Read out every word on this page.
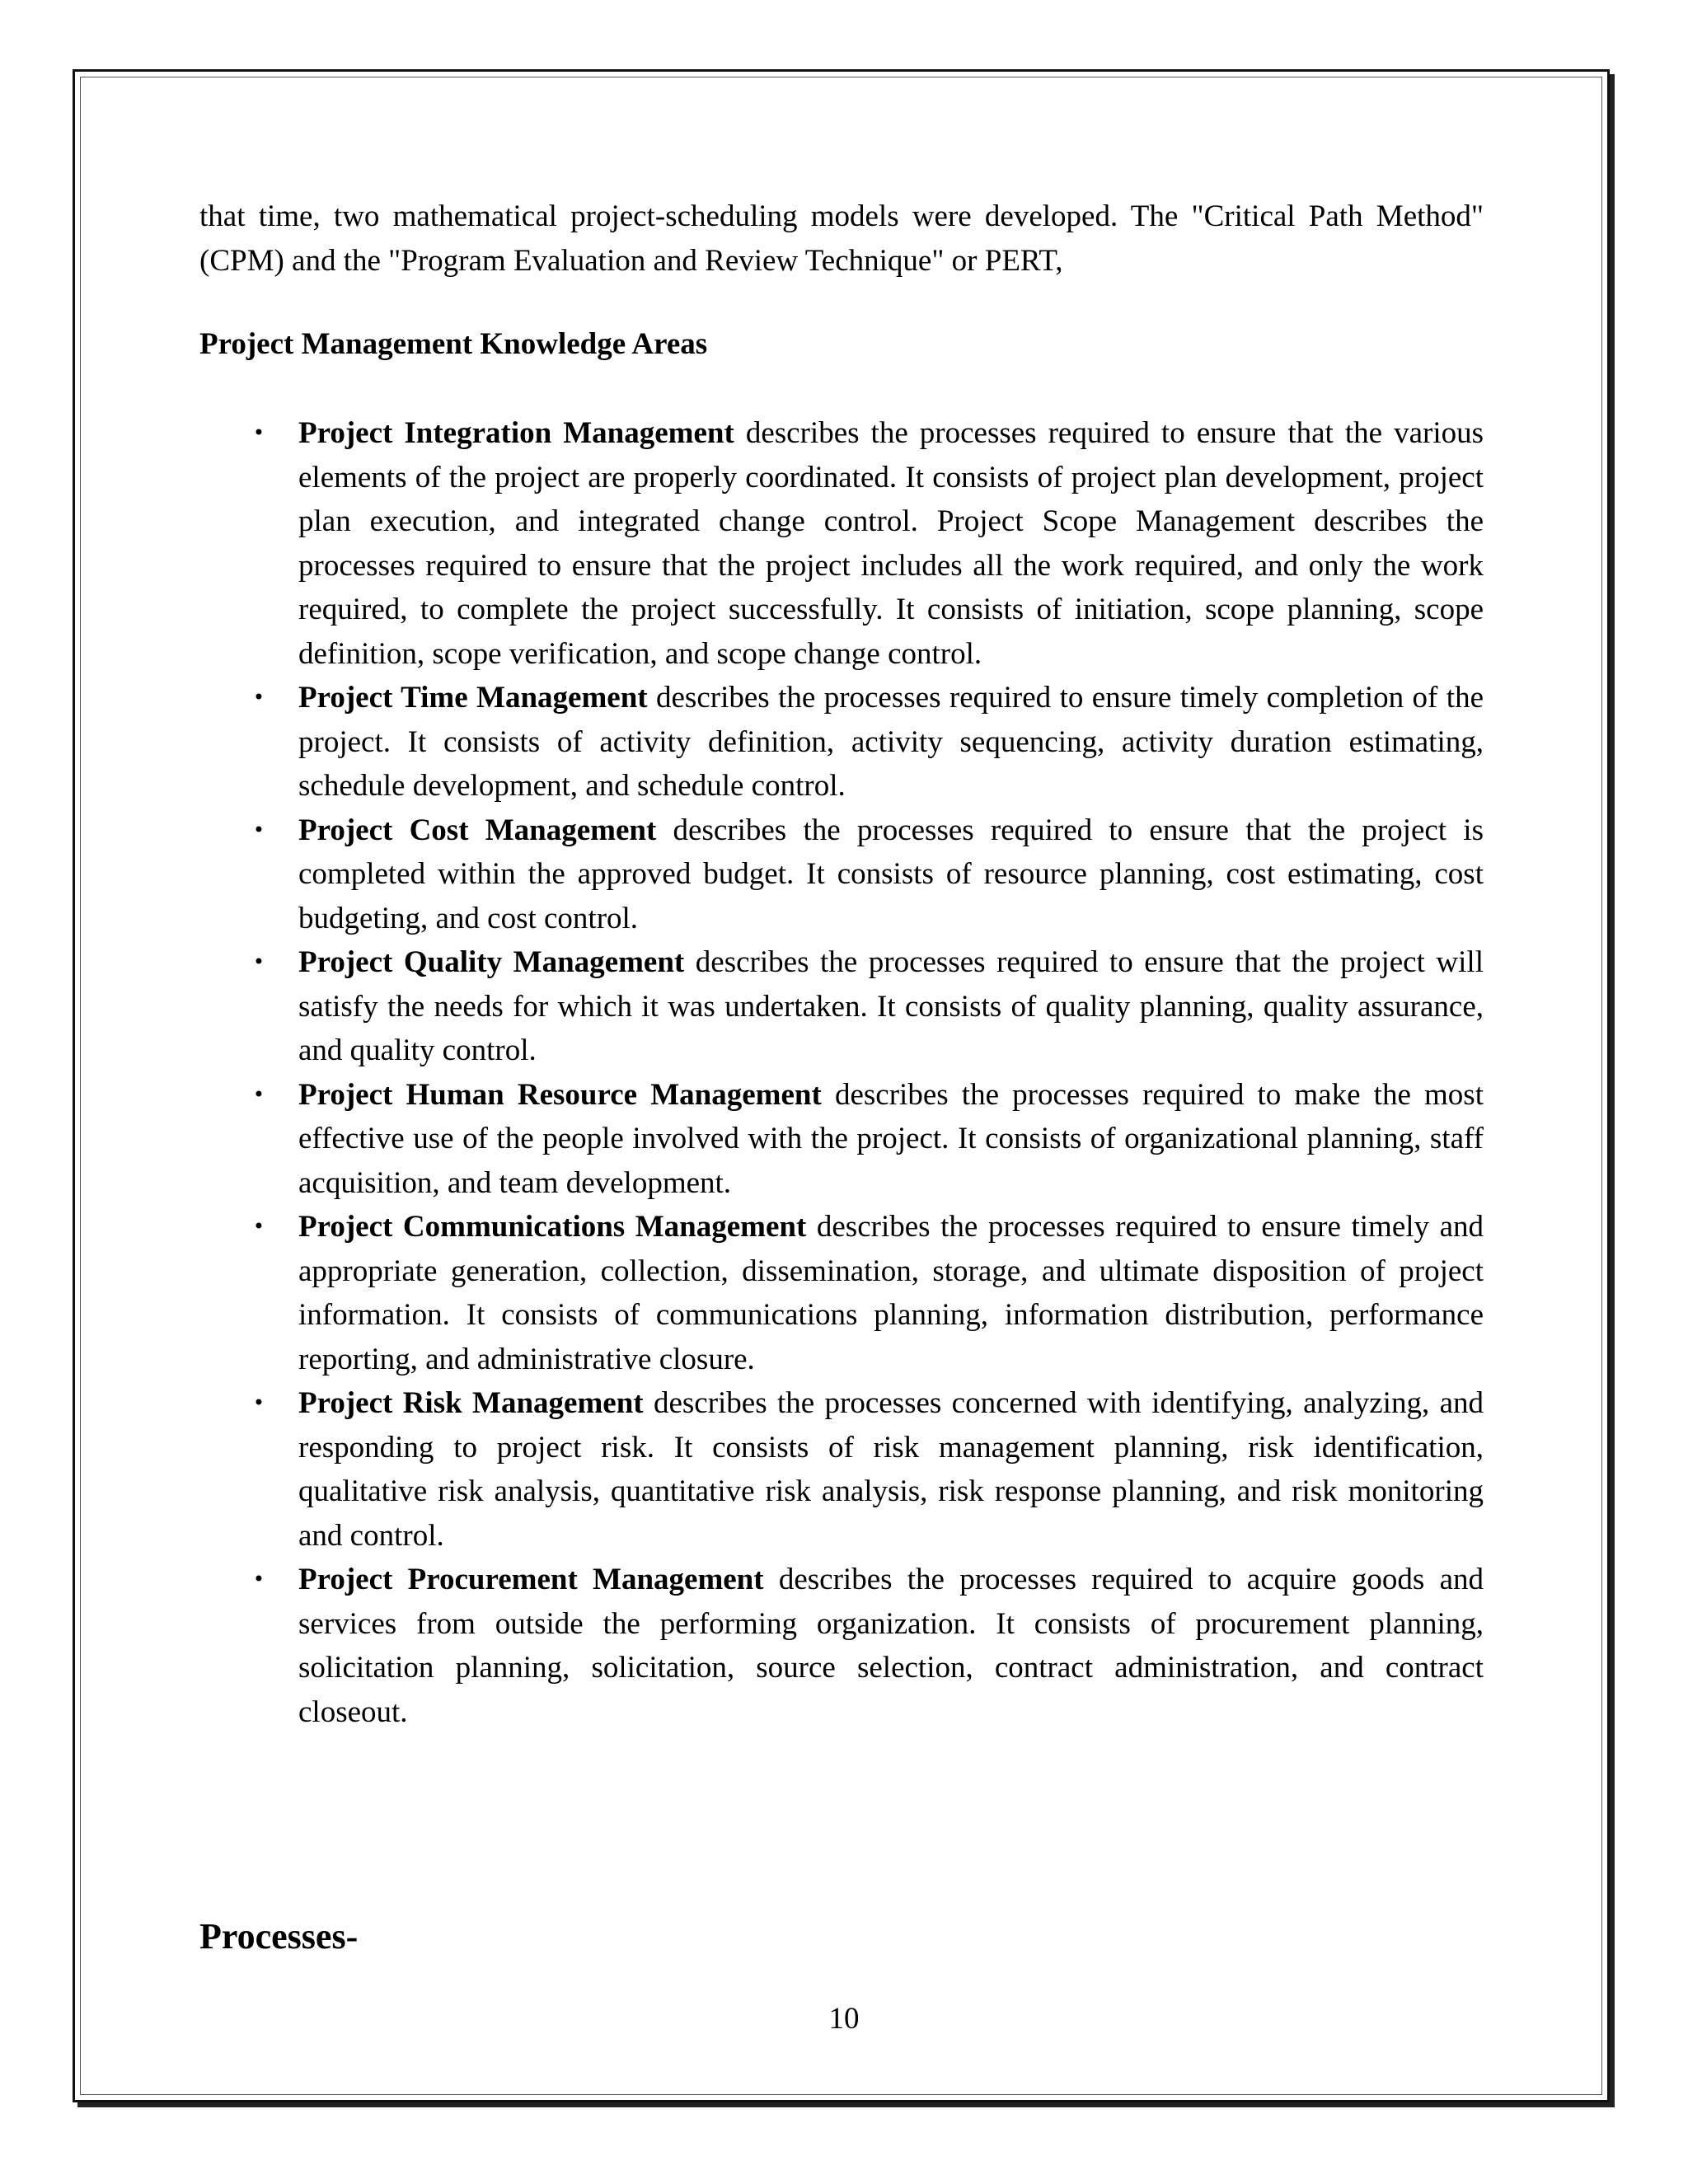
that time, two mathematical project-scheduling models were developed. The "Critical Path Method" (CPM) and the "Program Evaluation and Review Technique" or PERT,

Project Management Knowledge Areas
• Project Integration Management describes the processes required to ensure that the various elements of the project are properly coordinated. It consists of project plan development, project plan execution, and integrated change control. Project Scope Management describes the processes required to ensure that the project includes all the work required, and only the work required, to complete the project successfully. It consists of initiation, scope planning, scope definition, scope verification, and scope change control.
• Project Time Management describes the processes required to ensure timely completion of the project. It consists of activity definition, activity sequencing, activity duration estimating, schedule development, and schedule control.
• Project Cost Management describes the processes required to ensure that the project is completed within the approved budget. It consists of resource planning, cost estimating, cost budgeting, and cost control.
• Project Quality Management describes the processes required to ensure that the project will satisfy the needs for which it was undertaken. It consists of quality planning, quality assurance, and quality control.
• Project Human Resource Management describes the processes required to make the most effective use of the people involved with the project. It consists of organizational planning, staff acquisition, and team development.
• Project Communications Management describes the processes required to ensure timely and appropriate generation, collection, dissemination, storage, and ultimate disposition of project information. It consists of communications planning, information distribution, performance reporting, and administrative closure.
• Project Risk Management describes the processes concerned with identifying, analyzing, and responding to project risk. It consists of risk management planning, risk identification, qualitative risk analysis, quantitative risk analysis, risk response planning, and risk monitoring and control.
• Project Procurement Management describes the processes required to acquire goods and services from outside the performing organization. It consists of procurement planning, solicitation planning, solicitation, source selection, contract administration, and contract closeout.
Processes-

10
